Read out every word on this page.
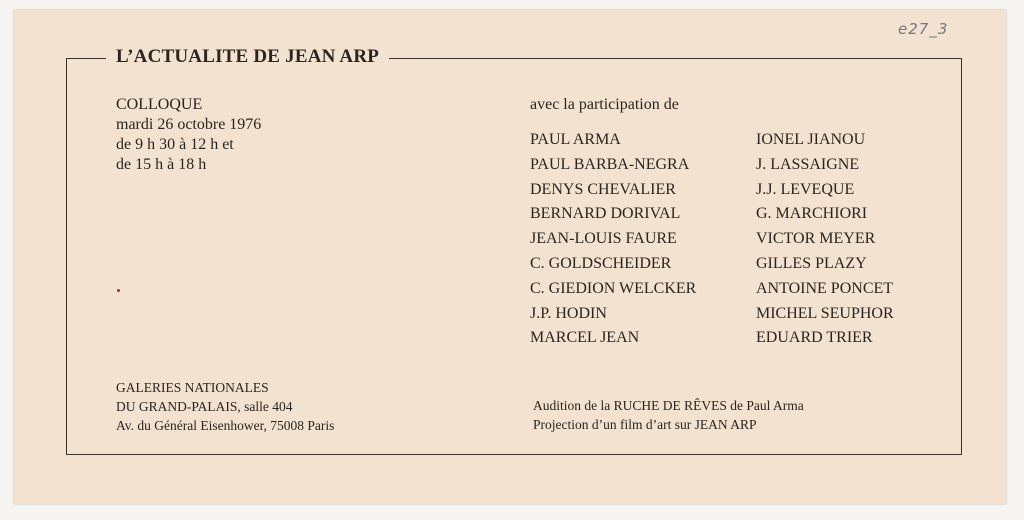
L’ACTUALITE DE JEAN ARP
e27_3
COLLOQUE
mardi 26 octobre 1976
de 9 h 30 à 12 h et
de 15 h à 18 h
avec la participation de
PAUL ARMA
PAUL BARBA-NEGRA
DENYS CHEVALIER
BERNARD DORIVAL
JEAN-LOUIS FAURE
C. GOLDSCHEIDER
C. GIEDION WELCKER
J.P. HODIN
MARCEL JEAN
IONEL JIANOU
J. LASSAIGNE
J.J. LEVEQUE
G. MARCHIORI
VICTOR MEYER
GILLES PLAZY
ANTOINE PONCET
MICHEL SEUPHOR
EDUARD TRIER
GALERIES NATIONALES
DU GRAND-PALAIS, salle 404
Av. du Général Eisenhower, 75008 Paris
Audition de la RUCHE DE RÊVES de Paul Arma
Projection d’un film d’art sur JEAN ARP
